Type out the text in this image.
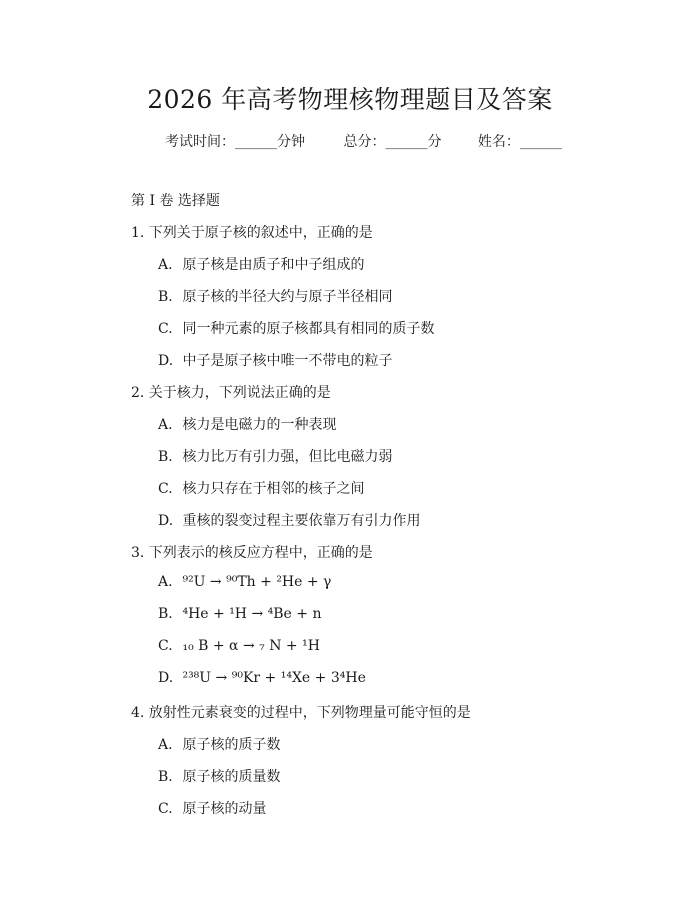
2026 年高考物理核物理题目及答案
考试时间：______分钟	总分：______分	姓名：______
第 I 卷 选择题
1. 下列关于原子核的叙述中，正确的是
A. 原子核是由质子和中子组成的
B. 原子核的半径大约与原子半径相同
C. 同一种元素的原子核都具有相同的质子数
D. 中子是原子核中唯一不带电的粒子
2. 关于核力，下列说法正确的是
A. 核力是电磁力的一种表现
B. 核力比万有引力强，但比电磁力弱
C. 核力只存在于相邻的核子之间
D. 重核的裂变过程主要依靠万有引力作用
3. 下列表示的核反应方程中，正确的是
A. ⁹²U → ⁹⁰Th + ²He + γ
B. ⁴He + ¹H → ⁴Be + n
C. ₁₀ B + α → ₇ N + ¹H
D. ²³⁸U → ⁹⁰Kr + ¹⁴Xe + 3⁴He
4. 放射性元素衰变的过程中，下列物理量可能守恒的是
A. 原子核的质子数
B. 原子核的质量数
C. 原子核的动量
